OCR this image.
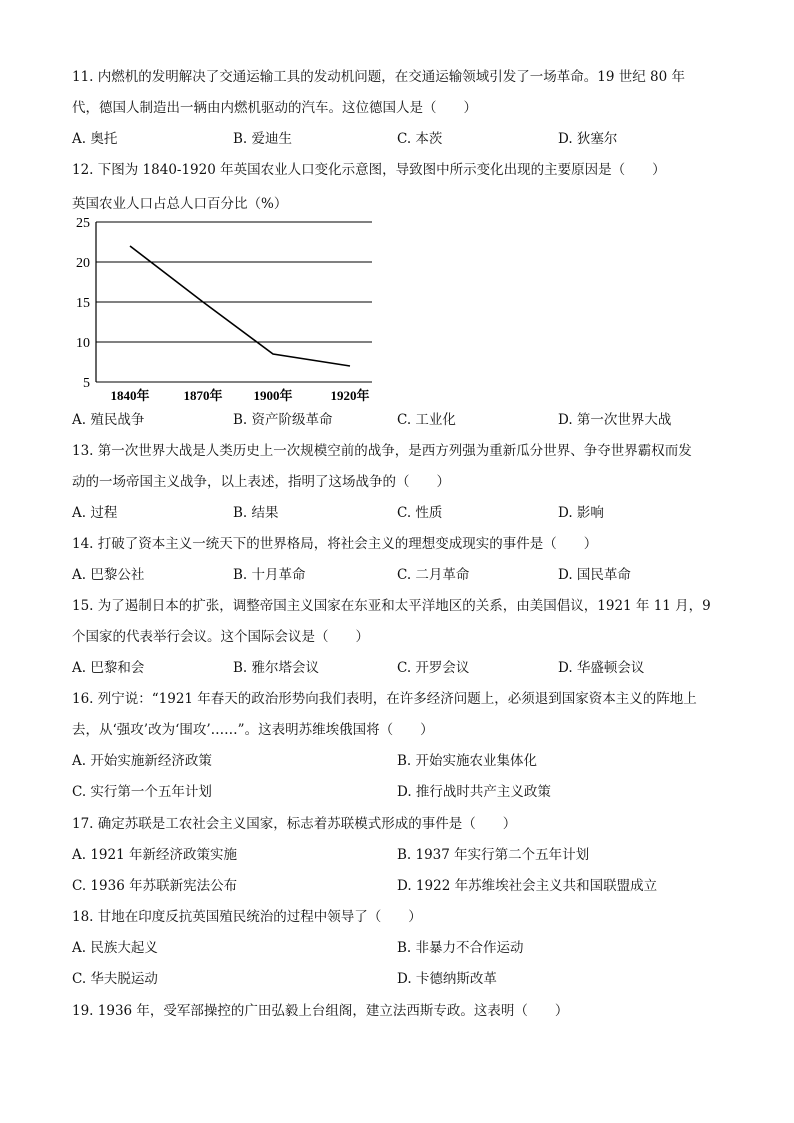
11. 内燃机的发明解决了交通运输工具的发动机问题，在交通运输领域引发了一场革命。19 世纪 80 年
代，德国人制造出一辆由内燃机驱动的汽车。这位德国人是（　　）
A. 奥托	B. 爱迪生	C. 本茨	D. 狄塞尔
12. 下图为 1840-1920 年英国农业人口变化示意图，导致图中所示变化出现的主要原因是（　　）
英国农业人口占总人口百分比（%）
25
20
15
10
5
1840年	1870年 1900年	1920年
A. 殖民战争	B. 资产阶级革命	C. 工业化	D. 第一次世界大战
13. 第一次世界大战是人类历史上一次规模空前的战争，是西方列强为重新瓜分世界、争夺世界霸权而发
动的一场帝国主义战争，以上表述，指明了这场战争的（　　）
A. 过程	B. 结果	C. 性质	D. 影响
14. 打破了资本主义一统天下的世界格局，将社会主义的理想变成现实的事件是（　　）
A. 巴黎公社	B. 十月革命	C. 二月革命	D. 国民革命
15. 为了遏制日本的扩张，调整帝国主义国家在东亚和太平洋地区的关系，由美国倡议，1921 年 11 月，9
个国家的代表举行会议。这个国际会议是（　　）
A. 巴黎和会	B. 雅尔塔会议	C. 开罗会议	D. 华盛顿会议
16. 列宁说：“1921 年春天的政治形势向我们表明，在许多经济问题上，必须退到国家资本主义的阵地上
去，从‘强攻’改为‘围攻’……”。这表明苏维埃俄国将（　　）
A. 开始实施新经济政策	B. 开始实施农业集体化
C. 实行第一个五年计划	D. 推行战时共产主义政策
17. 确定苏联是工农社会主义国家，标志着苏联模式形成的事件是（　　）
A. 1921 年新经济政策实施	B. 1937 年实行第二个五年计划
C. 1936 年苏联新宪法公布	D. 1922 年苏维埃社会主义共和国联盟成立
18. 甘地在印度反抗英国殖民统治的过程中领导了（　　）
A. 民族大起义	B. 非暴力不合作运动
C. 华夫脱运动	D. 卡德纳斯改革
19. 1936 年，受军部操控的广田弘毅上台组阁，建立法西斯专政。这表明（　　）
